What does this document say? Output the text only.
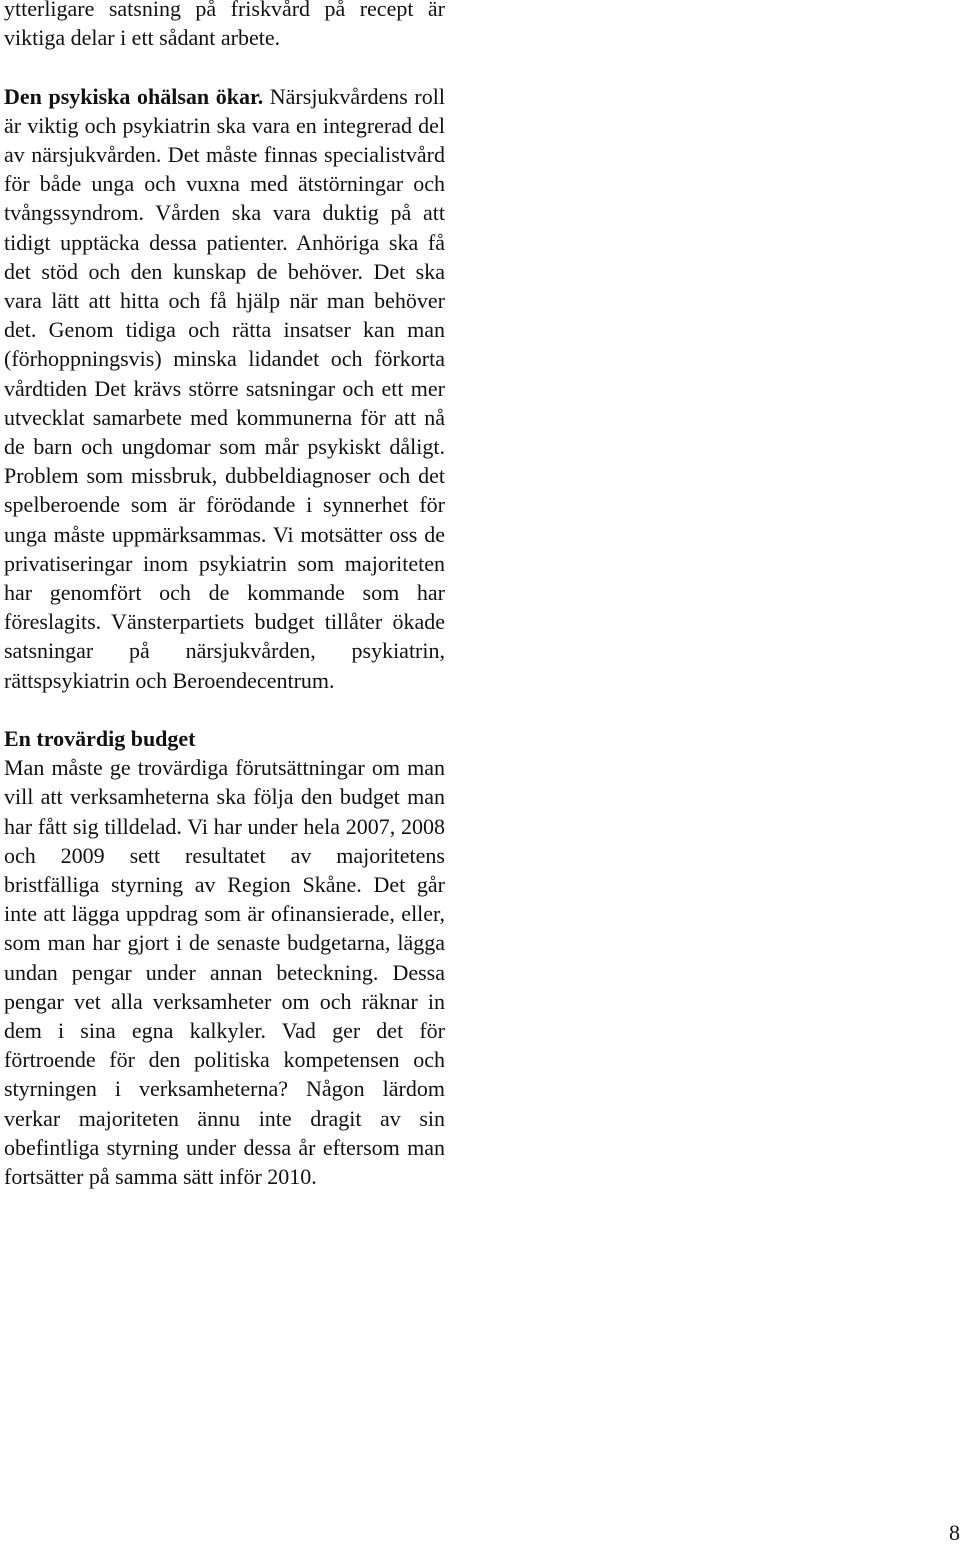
ytterligare satsning på friskvård på recept är viktiga delar i ett sådant arbete.

Den psykiska ohälsan ökar. Närsjukvårdens roll är viktig och psykiatrin ska vara en integrerad del av närsjukvården. Det måste finnas specialistvård för både unga och vuxna med ätstörningar och tvångssyndrom. Vården ska vara duktig på att tidigt upptäcka dessa patienter. Anhöriga ska få det stöd och den kunskap de behöver. Det ska vara lätt att hitta och få hjälp när man behöver det. Genom tidiga och rätta insatser kan man (förhoppningsvis) minska lidandet och förkorta vårdtiden Det krävs större satsningar och ett mer utvecklat samarbete med kommunerna för att nå de barn och ungdomar som mår psykiskt dåligt. Problem som missbruk, dubbeldiagnoser och det spelberoende som är förödande i synnerhet för unga måste uppmärksammas. Vi motsätter oss de privatiseringar inom psykiatrin som majoriteten har genomfört och de kommande som har föreslagits. Vänsterpartiets budget tillåter ökade satsningar på närsjukvården, psykiatrin, rättspsykiatrin och Beroendecentrum.

En trovärdig budget
Man måste ge trovärdiga förutsättningar om man vill att verksamheterna ska följa den budget man har fått sig tilldelad. Vi har under hela 2007, 2008 och 2009 sett resultatet av majoritetens bristfälliga styrning av Region Skåne. Det går inte att lägga uppdrag som är ofinansierade, eller, som man har gjort i de senaste budgetarna, lägga undan pengar under annan beteckning. Dessa pengar vet alla verksamheter om och räknar in dem i sina egna kalkyler. Vad ger det för förtroende för den politiska kompetensen och styrningen i verksamheterna? Någon lärdom verkar majoriteten ännu inte dragit av sin obefintliga styrning under dessa år eftersom man fortsätter på samma sätt inför 2010.

8
